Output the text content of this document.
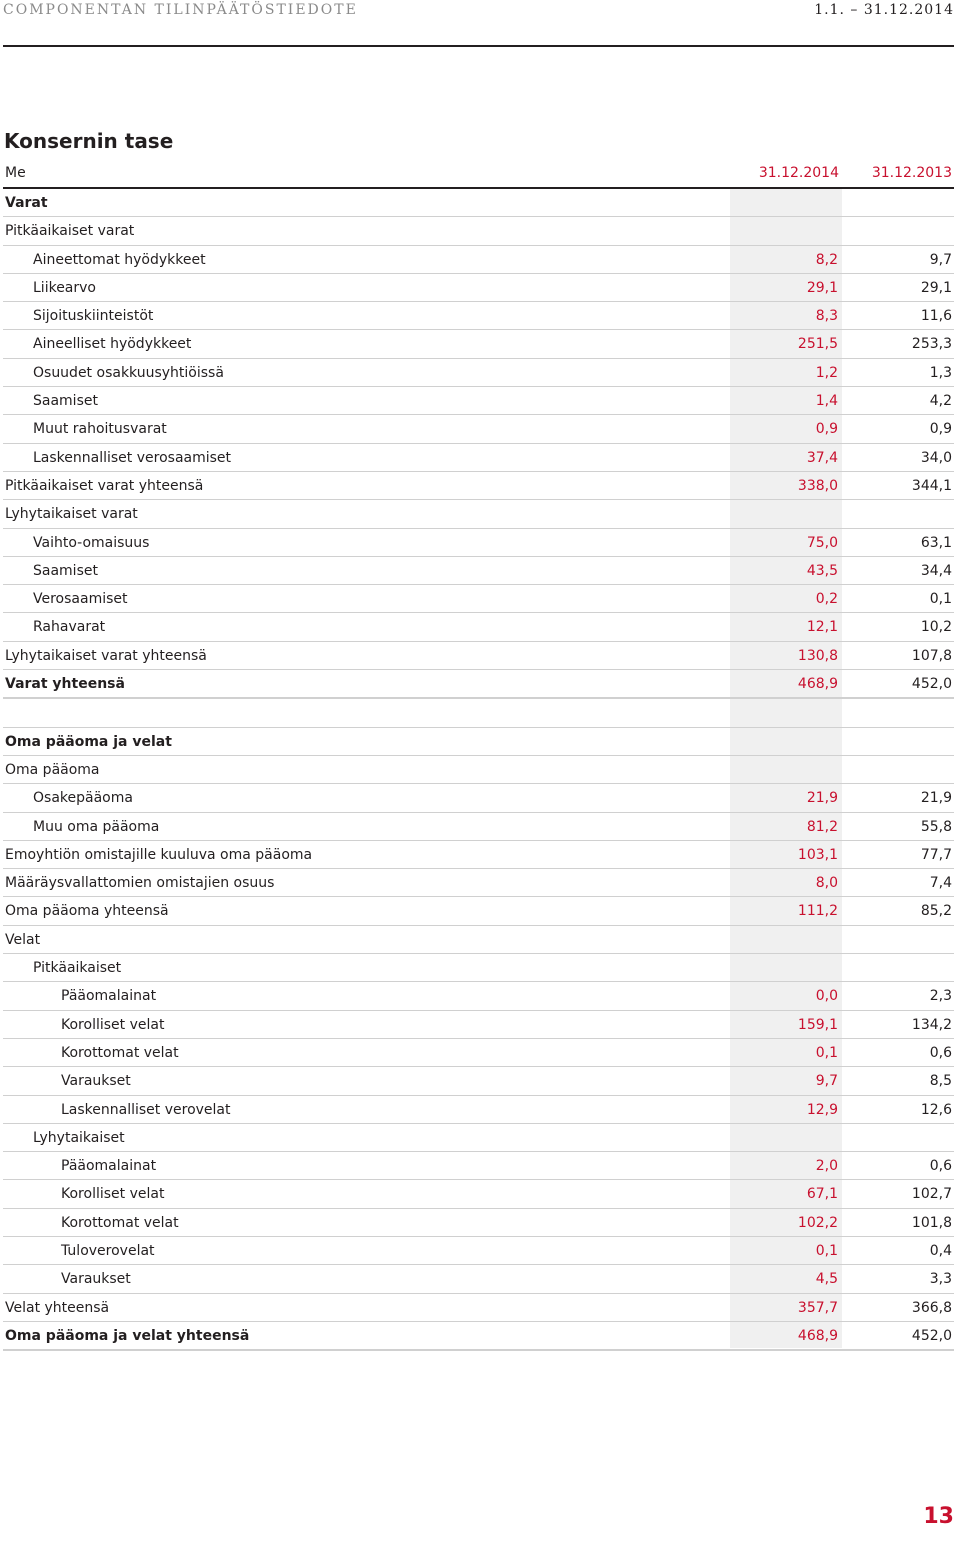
COMPONENTAN TILINPÄÄTÖSTIEDOTE	1.1. – 31.12.2014
Konsernin tase
Me	31.12.2014 31.12.2013
Varat
Pitkäaikaiset varat
Aineettomat hyödykkeet	8,2	9,7
Liikearvo	29,1	29,1
Sijoituskiinteistöt	8,3	11,6
Aineelliset hyödykkeet	251,5	253,3
Osuudet osakkuusyhtiöissä	1,2	1,3
Saamiset	1,4	4,2
Muut rahoitusvarat	0,9	0,9
Laskennalliset verosaamiset	37,4	34,0
Pitkäaikaiset varat yhteensä	338,0	344,1
Lyhytaikaiset varat
Vaihto-omaisuus	75,0	63,1
Saamiset	43,5	34,4
Verosaamiset	0,2	0,1
Rahavarat	12,1	10,2
Lyhytaikaiset varat yhteensä	130,8	107,8
Varat yhteensä	468,9	452,0
Oma pääoma ja velat
Oma pääoma
Osakepääoma	21,9	21,9
Muu oma pääoma	81,2	55,8
Emoyhtiön omistajille kuuluva oma pääoma	103,1	77,7
Määräysvallattomien omistajien osuus	8,0	7,4
Oma pääoma yhteensä	111,2	85,2
Velat
Pitkäaikaiset
Pääomalainat	0,0	2,3
Korolliset velat	159,1	134,2
Korottomat velat	0,1	0,6
Varaukset	9,7	8,5
Laskennalliset verovelat	12,9	12,6
Lyhytaikaiset
Pääomalainat	2,0	0,6
Korolliset velat	67,1	102,7
Korottomat velat	102,2	101,8
Tuloverovelat	0,1	0,4
Varaukset	4,5	3,3
Velat yhteensä	357,7	366,8
Oma pääoma ja velat yhteensä	468,9	452,0
13
